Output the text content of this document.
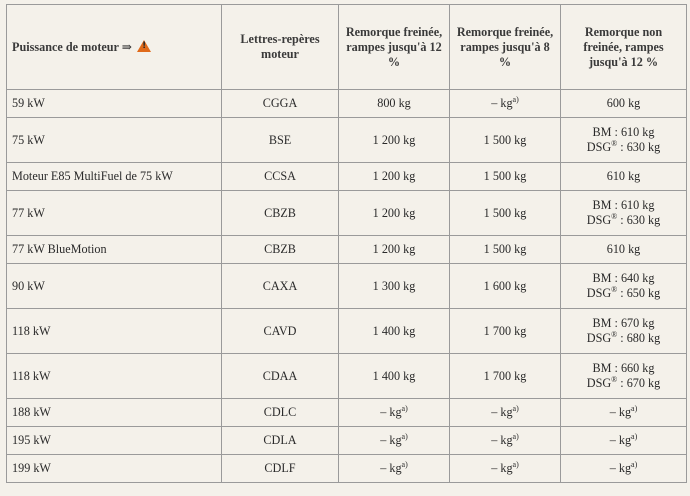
Puissance de moteur ⇒ !	Lettres-repères moteur	Remorque freinée, rampes jusqu'à 12 %	Remorque freinée, rampes jusqu'à 8 %	Remorque non freinée, rampes jusqu'à 12 %
59 kW	CGGA	800 kg	– $kg^{a)}$	600 kg
75 kW	BSE	1 200 kg	1 500 kg	BM : 610 kg
DSG® : 630 kg

Moteur E85 MultiFuel de 75 kW	CCSA	1 200 kg	1 500 kg	610 kg
77 kW	CBZB	1 200 kg	1 500 kg	BM : 610 kg
DSG® : 630 kg

77 kW BlueMotion	CBZB	1 200 kg	1 500 kg	610 kg
90 kW	CAXA	1 300 kg	1 600 kg	BM : 640 kg
DSG® : 650 kg

118 kW	CAVD	1 400 kg	1 700 kg	BM : 670 kg
DSG® : 680 kg

118 kW	CDAA	1 400 kg	1 700 kg	BM : 660 kg
DSG® : 670 kg

188 kW	CDLC	– $kg^{a)}$	– $kg^{a)}$	– $kg^{a)}$
195 kW	CDLA	– $kg^{a)}$	– $kg^{a)}$	– $kg^{a)}$
199 kW	CDLF	– $kg^{a)}$	– $kg^{a)}$	– $kg^{a)}$
